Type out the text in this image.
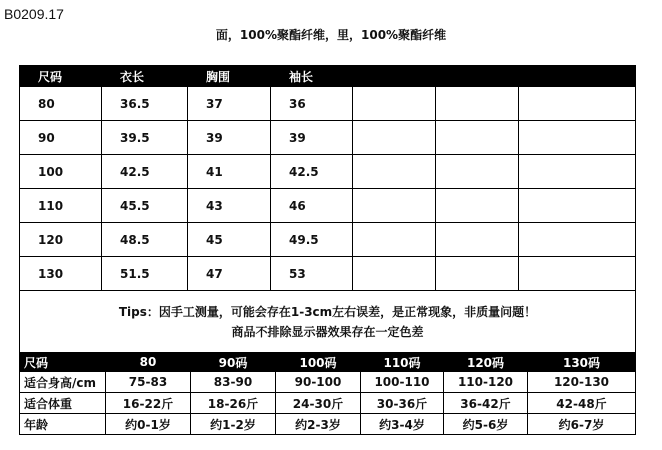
B0209.17
面，100%聚酯纤维，里，100%聚酯纤维
尺码	衣长	胸围	袖长				
80	36.5	37	36				
90	39.5	39	39				
100	42.5	41	42.5				
110	45.5	43	46				
120	48.5	45	49.5				
130	51.5	47	53				

Tips：因手工测量，可能会存在1-3cm左右误差，是正常现象，非质量问题！
商品不排除显示器效果存在一定色差							
尺码	80	90码	100码	110码	120码	130码
适合身高/cm	75-83	83-90	90-100	100-110	110-120	120-130
适合体重	16-22斤	18-26斤	24-30斤	30-36斤	36-42斤	42-48斤
年龄	约0-1岁	约1-2岁	约2-3岁	约3-4岁	约5-6岁	约6-7岁
